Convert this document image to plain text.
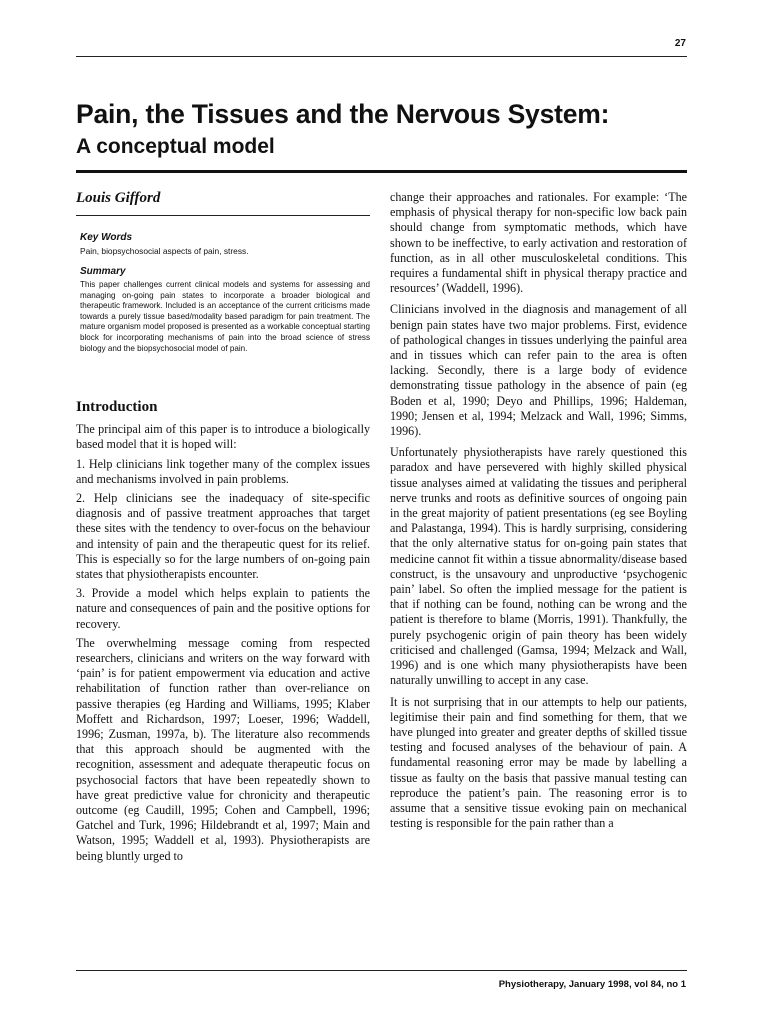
27
Pain, the Tissues and the Nervous System:
A conceptual model

Louis Gifford

Key Words

Pain, biopsychosocial aspects of pain, stress.

Summary

This paper challenges current clinical models and systems for assessing and managing on-going pain states to incorporate a broader biological and therapeutic framework. Included is an acceptance of the current criticisms made towards a purely tissue based/modality based paradigm for pain treatment. The mature organism model proposed is presented as a workable conceptual starting block for incorporating mechanisms of pain into the broad science of stress biology and the biopsychosocial model of pain.

Introduction

The principal aim of this paper is to introduce a biologically based model that it is hoped will:

1. Help clinicians link together many of the complex issues and mechanisms involved in pain problems.

2. Help clinicians see the inadequacy of site-specific diagnosis and of passive treatment approaches that target these sites with the tendency to over-focus on the behaviour and intensity of pain and the therapeutic quest for its relief. This is especially so for the large numbers of on-going pain states that physiotherapists encounter.

3. Provide a model which helps explain to patients the nature and consequences of pain and the positive options for recovery.

The overwhelming message coming from respected researchers, clinicians and writers on the way forward with ‘pain’ is for patient empowerment via education and active rehabilitation of function rather than over-reliance on passive therapies (eg Harding and Williams, 1995; Klaber Moffett and Richardson, 1997; Loeser, 1996; Waddell, 1996; Zusman, 1997a, b). The literature also recommends that this approach should be augmented with the recognition, assessment and adequate therapeutic focus on psychosocial factors that have been repeatedly shown to have great predictive value for chronicity and therapeutic outcome (eg Caudill, 1995; Cohen and Campbell, 1996; Gatchel and Turk, 1996; Hildebrandt et al, 1997; Main and Watson, 1995; Waddell et al, 1993). Physiotherapists are being bluntly urged to

change their approaches and rationales. For example: ‘The emphasis of physical therapy for non-specific low back pain should change from symptomatic methods, which have shown to be ineffective, to early activation and restoration of function, as in all other musculoskeletal conditions. This requires a fundamental shift in physical therapy practice and resources’ (Waddell, 1996).

Clinicians involved in the diagnosis and management of all benign pain states have two major problems. First, evidence of pathological changes in tissues underlying the painful area and in tissues which can refer pain to the area is often lacking. Secondly, there is a large body of evidence demonstrating tissue pathology in the absence of pain (eg Boden et al, 1990; Deyo and Phillips, 1996; Haldeman, 1990; Jensen et al, 1994; Melzack and Wall, 1996; Simms, 1996).

Unfortunately physiotherapists have rarely questioned this paradox and have persevered with highly skilled physical tissue analyses aimed at validating the tissues and peripheral nerve trunks and roots as definitive sources of ongoing pain in the great majority of patient presentations (eg see Boyling and Palastanga, 1994). This is hardly surprising, considering that the only alternative status for on-going pain states that medicine cannot fit within a tissue abnormality/disease based construct, is the unsavoury and unproductive ‘psychogenic pain’ label. So often the implied message for the patient is that if nothing can be found, nothing can be wrong and the patient is therefore to blame (Morris, 1991). Thankfully, the purely psychogenic origin of pain theory has been widely criticised and challenged (Gamsa, 1994; Melzack and Wall, 1996) and is one which many physiotherapists have been naturally unwilling to accept in any case.

It is not surprising that in our attempts to help our patients, legitimise their pain and find something for them, that we have plunged into greater and greater depths of skilled tissue testing and focused analyses of the behaviour of pain. A fundamental reasoning error may be made by labelling a tissue as faulty on the basis that passive manual testing can reproduce the patient’s pain. The reasoning error is to assume that a sensitive tissue evoking pain on mechanical testing is responsible for the pain rather than a

Physiotherapy, January 1998, vol 84, no 1
